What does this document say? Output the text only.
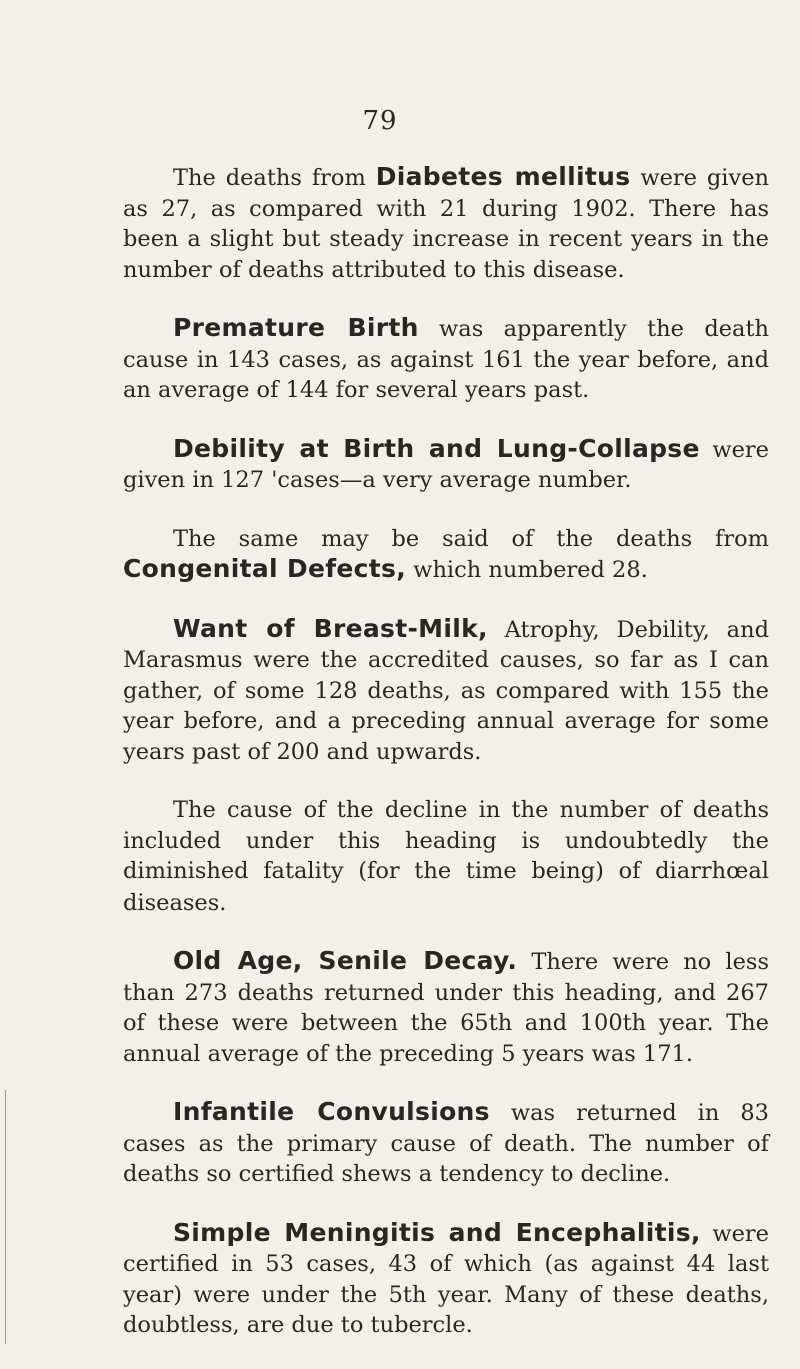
79

The deaths from Diabetes mellitus were given as 27, as compared with 21 during 1902. There has been a slight but steady increase in recent years in the number of deaths attributed to this disease.

Premature Birth was apparently the death cause in 143 cases, as against 161 the year before, and an average of 144 for several years past.

Debility at Birth and Lung-Collapse were given in 127 'cases—a very average number.

The same may be said of the deaths from Congenital Defects, which numbered 28.

Want of Breast-Milk, Atrophy, Debility, and Marasmus were the accredited causes, so far as I can gather, of some 128 deaths, as compared with 155 the year before, and a preceding annual average for some years past of 200 and upwards.

The cause of the decline in the number of deaths included under this heading is undoubtedly the diminished fatality (for the time being) of diarrhœal diseases.

Old Age, Senile Decay. There were no less than 273 deaths returned under this heading, and 267 of these were between the 65th and 100th year. The annual average of the preceding 5 years was 171.

Infantile Convulsions was returned in 83 cases as the primary cause of death. The number of deaths so certified shews a tendency to decline.

Simple Meningitis and Encephalitis, were certified in 53 cases, 43 of which (as against 44 last year) were under the 5th year. Many of these deaths, doubtless, are due to tubercle.
